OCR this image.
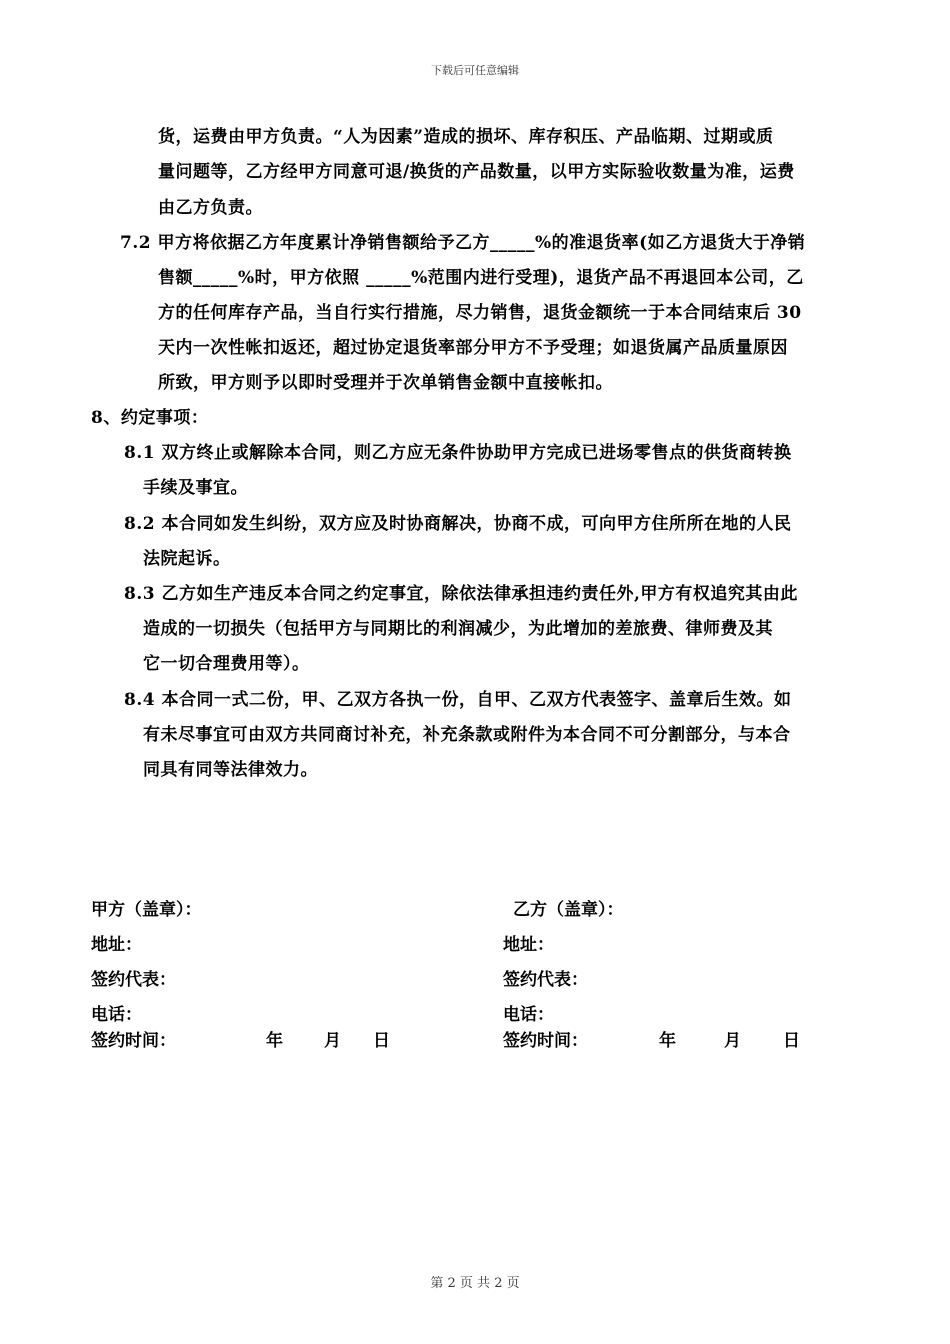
下载后可任意编辑
货，运费由甲方负责。“人为因素”造成的损坏、库存积压、产品临期、过期或质
量问题等，乙方经甲方同意可退/换货的产品数量，以甲方实际验收数量为准，运费
由乙方负责。
7.2 甲方将依据乙方年度累计净销售额给予乙方_____%的准退货率(如乙方退货大于净销
售额_____%时，甲方依照 _____%范围内进行受理)，退货产品不再退回本公司，乙
方的任何库存产品，当自行实行措施，尽力销售，退货金额统一于本合同结束后 30
天内一次性帐扣返还，超过协定退货率部分甲方不予受理；如退货属产品质量原因
所致，甲方则予以即时受理并于次单销售金额中直接帐扣。
8、约定事项：
8.1 双方终止或解除本合同，则乙方应无条件协助甲方完成已进场零售点的供货商转换
手续及事宜。
8.2 本合同如发生纠纷，双方应及时协商解决，协商不成，可向甲方住所所在地的人民
法院起诉。
8.3 乙方如生产违反本合同之约定事宜，除依法律承担违约责任外,甲方有权追究其由此
造成的一切损失（包括甲方与同期比的利润减少，为此增加的差旅费、律师费及其
它一切合理费用等）。
8.4 本合同一式二份，甲、乙双方各执一份，自甲、乙双方代表签字、盖章后生效。如
有未尽事宜可由双方共同商讨补充，补充条款或附件为本合同不可分割部分，与本合
同具有同等法律效力。
甲方（盖章）：
地址：
签约代表：
电话：
签约时间：	年 月 日
乙方（盖章）：
地址：
签约代表：
电话：
签约时间：	年	月 日
第 2 页 共 2 页
